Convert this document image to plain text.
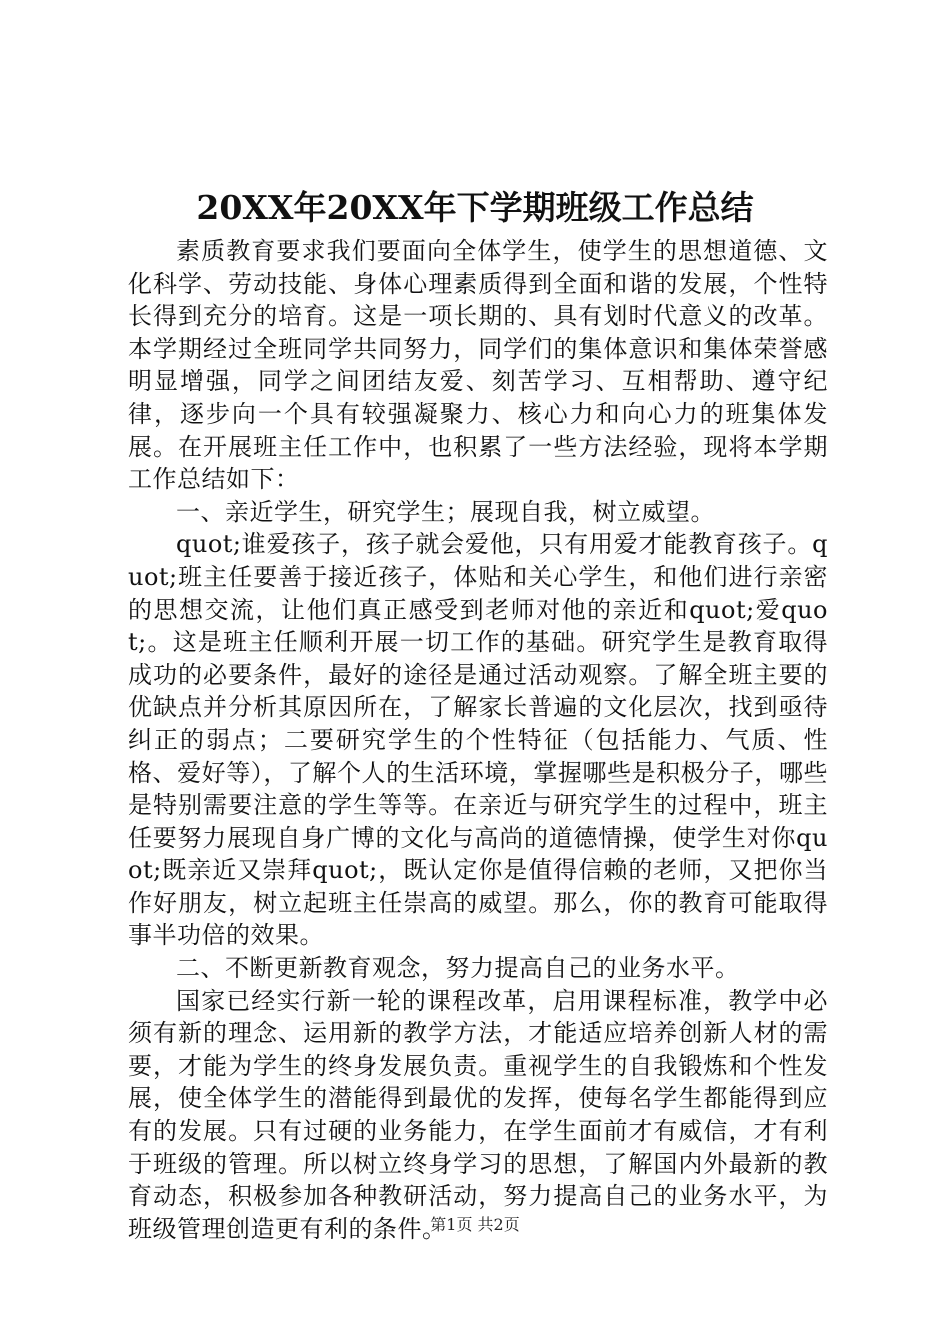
20XX年20XX年下学期班级工作总结

素质教育要求我们要面向全体学生，使学生的思想道德、文化科学、劳动技能、身体心理素质得到全面和谐的发展，个性特长得到充分的培育。这是一项长期的、具有划时代意义的改革。本学期经过全班同学共同努力，同学们的集体意识和集体荣誉感明显增强，同学之间团结友爱、刻苦学习、互相帮助、遵守纪律，逐步向一个具有较强凝聚力、核心力和向心力的班集体发展。在开展班主任工作中，也积累了一些方法经验，现将本学期工作总结如下：

一、亲近学生，研究学生；展现自我，树立威望。

quot;谁爱孩子，孩子就会爱他，只有用爱才能教育孩子。quot;班主任要善于接近孩子，体贴和关心学生，和他们进行亲密的思想交流，让他们真正感受到老师对他的亲近和quot;爱quot;。这是班主任顺利开展一切工作的基础。研究学生是教育取得成功的必要条件，最好的途径是通过活动观察。了解全班主要的优缺点并分析其原因所在，了解家长普遍的文化层次，找到亟待纠正的弱点；二要研究学生的个性特征（包括能力、气质、性格、爱好等），了解个人的生活环境，掌握哪些是积极分子，哪些是特别需要注意的学生等等。在亲近与研究学生的过程中，班主任要努力展现自身广博的文化与高尚的道德情操，使学生对你quot;既亲近又崇拜quot;，既认定你是值得信赖的老师，又把你当作好朋友，树立起班主任崇高的威望。那么，你的教育可能取得事半功倍的效果。

二、不断更新教育观念，努力提高自己的业务水平。

国家已经实行新一轮的课程改革，启用课程标准，教学中必须有新的理念、运用新的教学方法，才能适应培养创新人材的需要，才能为学生的终身发展负责。重视学生的自我锻炼和个性发展，使全体学生的潜能得到最优的发挥，使每名学生都能得到应有的发展。只有过硬的业务能力，在学生面前才有威信，才有利于班级的管理。所以树立终身学习的思想，了解国内外最新的教育动态，积极参加各种教研活动，努力提高自己的业务水平，为班级管理创造更有利的条件。

第1页 共2页
